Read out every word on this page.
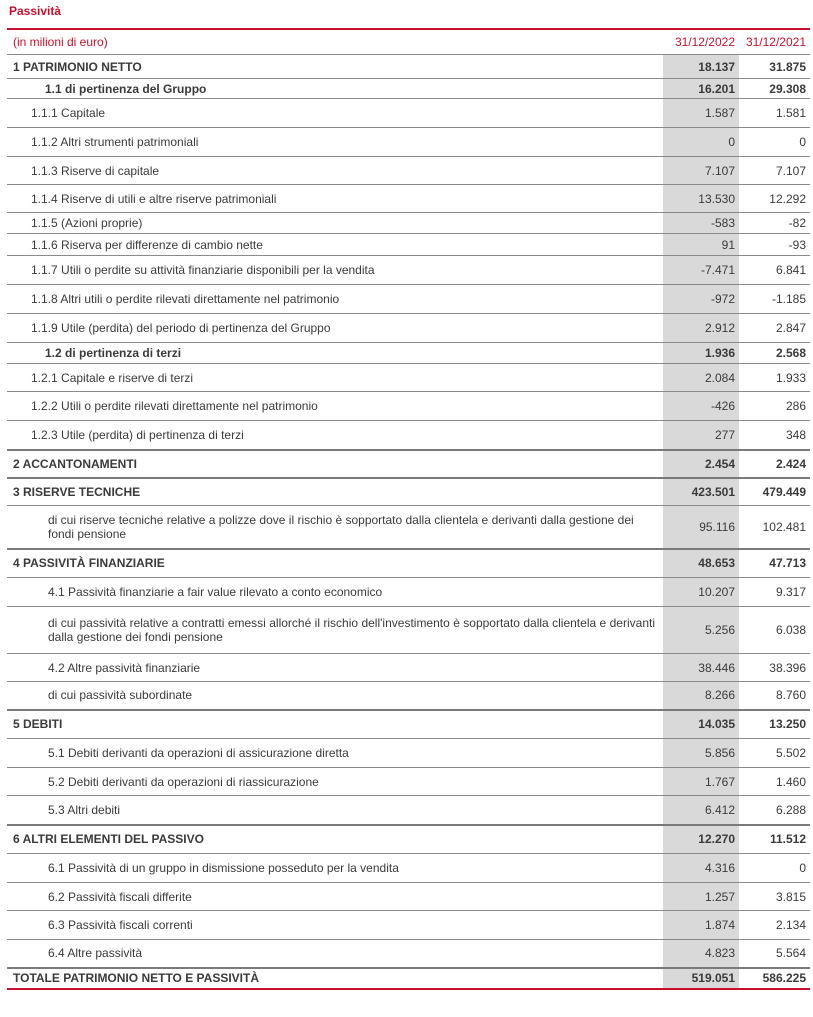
Passività
(in milioni di euro)	31/12/2022	31/12/2021
1 PATRIMONIO NETTO	18.137	31.875
1.1 di pertinenza del Gruppo	16.201	29.308
1.1.1 Capitale	1.587	1.581
1.1.2 Altri strumenti patrimoniali	0	0
1.1.3 Riserve di capitale	7.107	7.107
1.1.4 Riserve di utili e altre riserve patrimoniali	13.530	12.292
1.1.5 (Azioni proprie)	-583	-82
1.1.6 Riserva per differenze di cambio nette	91	-93
1.1.7 Utili o perdite su attività finanziarie disponibili per la vendita	-7.471	6.841
1.1.8 Altri utili o perdite rilevati direttamente nel patrimonio	-972	-1.185
1.1.9 Utile (perdita) del periodo di pertinenza del Gruppo	2.912	2.847
1.2 di pertinenza di terzi	1.936	2.568
1.2.1 Capitale e riserve di terzi	2.084	1.933
1.2.2 Utili o perdite rilevati direttamente nel patrimonio	-426	286
1.2.3 Utile (perdita) di pertinenza di terzi	277	348
2 ACCANTONAMENTI	2.454	2.424
3 RISERVE TECNICHE	423.501	479.449
di cui riserve tecniche relative a polizze dove il rischio è sopportato dalla clientela e derivanti dalla gestione dei fondi pensione	95.116	102.481
4 PASSIVITÀ FINANZIARIE	48.653	47.713
4.1 Passività finanziarie a fair value rilevato a conto economico	10.207	9.317
di cui passività relative a contratti emessi allorché il rischio dell'investimento è sopportato dalla clientela e derivanti dalla gestione dei fondi pensione	5.256	6.038
4.2 Altre passività finanziarie	38.446	38.396
di cui passività subordinate	8.266	8.760
5 DEBITI	14.035	13.250
5.1 Debiti derivanti da operazioni di assicurazione diretta	5.856	5.502
5.2 Debiti derivanti da operazioni di riassicurazione	1.767	1.460
5.3 Altri debiti	6.412	6.288
6 ALTRI ELEMENTI DEL PASSIVO	12.270	11.512
6.1 Passività di un gruppo in dismissione posseduto per la vendita	4.316	0
6.2 Passività fiscali differite	1.257	3.815
6.3 Passività fiscali correnti	1.874	2.134
6.4 Altre passività	4.823	5.564
TOTALE PATRIMONIO NETTO E PASSIVITÀ	519.051	586.225
